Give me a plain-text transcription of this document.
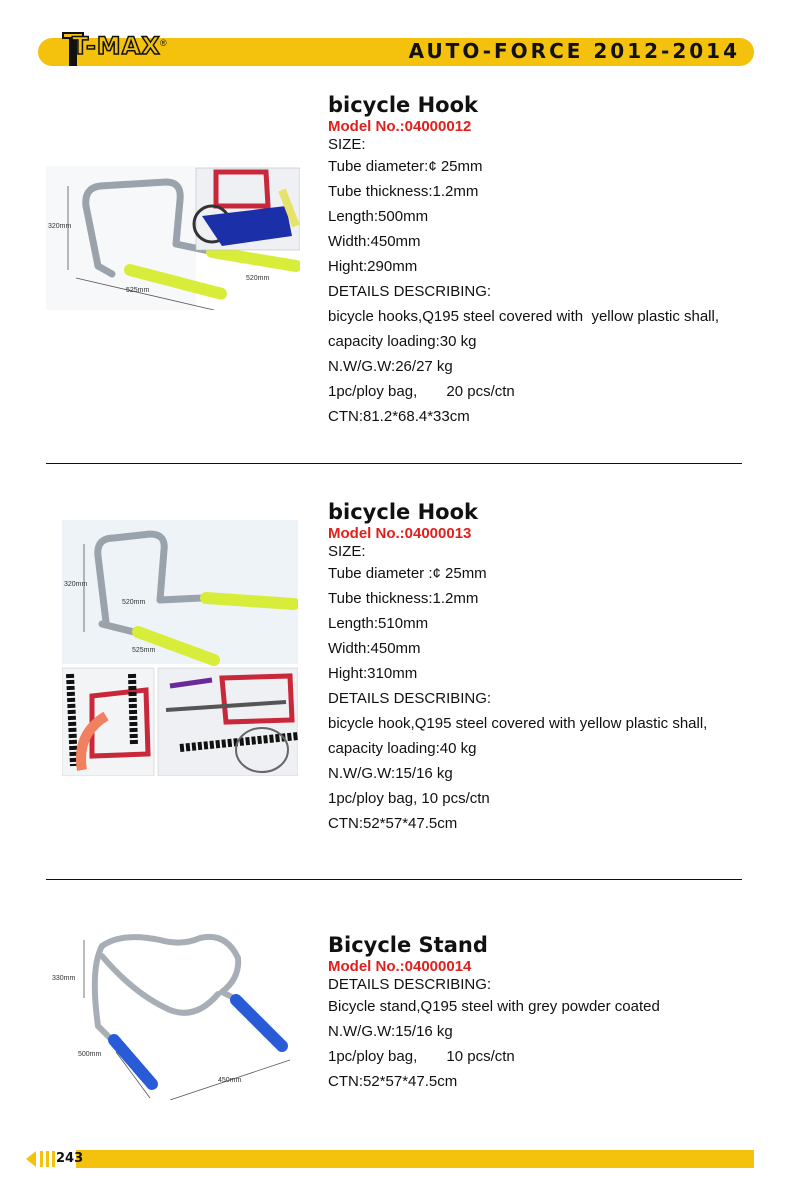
T-MAX ®	AUTO-FORCE 2012-2014
320mm
525mm
520mm
bicycle Hook
Model No.:04000012
SIZE:
Tube diameter:¢ 25mm
Tube thickness:1.2mm
Length:500mm
Width:450mm
Hight:290mm
DETAILS DESCRIBING:
bicycle hooks,Q195 steel covered with  yellow plastic shall,
capacity loading:30 kg
N.W/G.W:26/27 kg
1pc/ploy bag,       20 pcs/ctn
CTN:81.2*68.4*33cm
320mm
520mm
525mm
bicycle Hook
Model No.:04000013
SIZE:
Tube diameter :¢ 25mm
Tube thickness:1.2mm
Length:510mm
Width:450mm
Hight:310mm
DETAILS DESCRIBING:
bicycle hook,Q195 steel covered with yellow plastic shall,
capacity loading:40 kg
N.W/G.W:15/16 kg
1pc/ploy bag, 10 pcs/ctn
CTN:52*57*47.5cm
330mm
500mm
450mm
Bicycle Stand
Model No.:04000014
DETAILS DESCRIBING:
Bicycle stand,Q195 steel with grey powder coated
N.W/G.W:15/16 kg
1pc/ploy bag,       10 pcs/ctn
CTN:52*57*47.5cm
243
